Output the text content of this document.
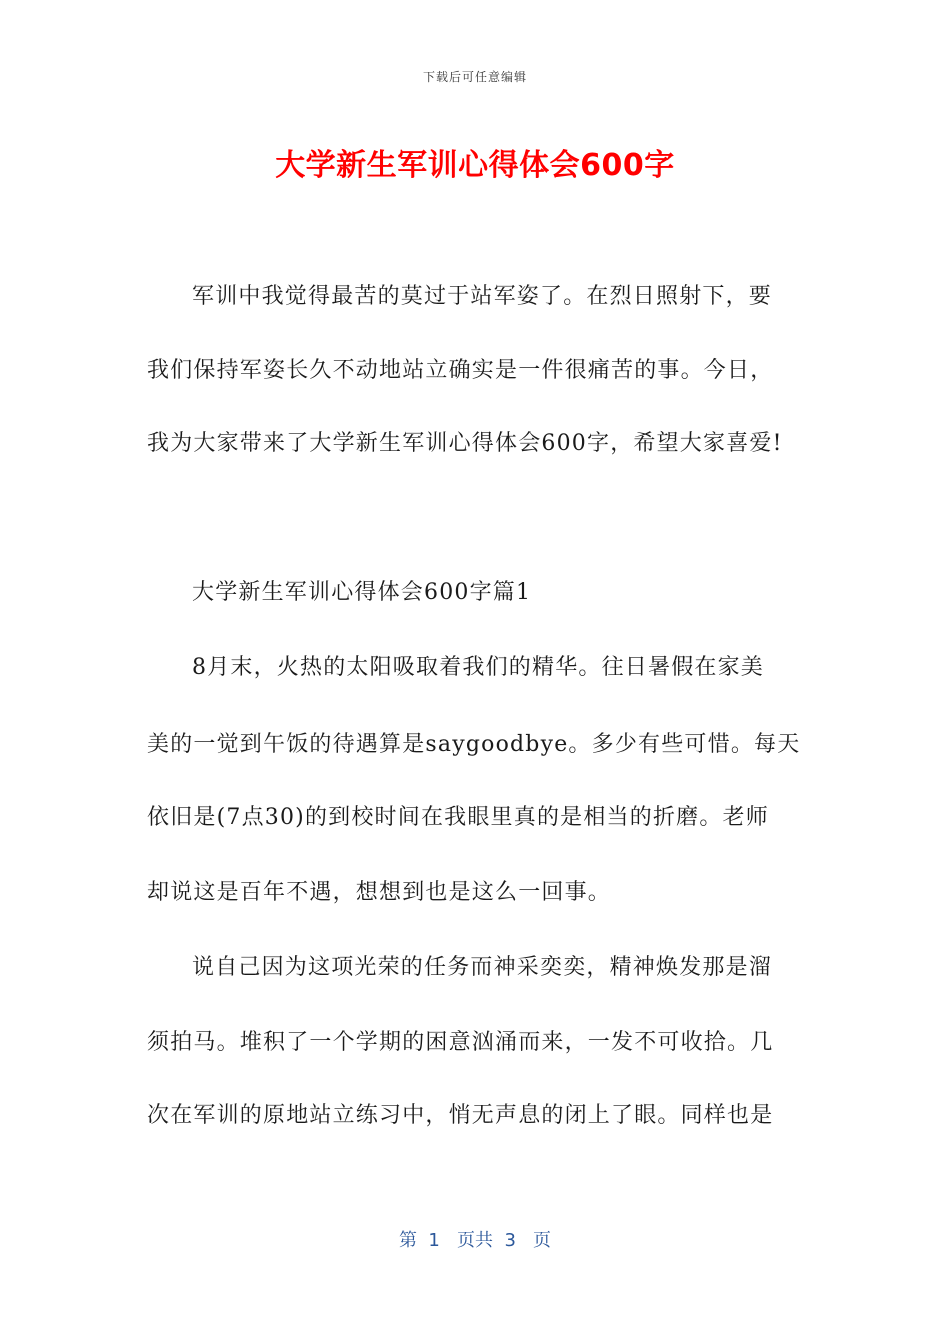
下载后可任意编辑
大学新生军训心得体会600字
军训中我觉得最苦的莫过于站军姿了。在烈日照射下，要
我们保持军姿长久不动地站立确实是一件很痛苦的事。今日，
我为大家带来了大学新生军训心得体会600字，希望大家喜爱!
大学新生军训心得体会600字篇1
8月末，火热的太阳吸取着我们的精华。往日暑假在家美
美的一觉到午饭的待遇算是saygoodbye。多少有些可惜。每天
依旧是(7点30)的到校时间在我眼里真的是相当的折磨。老师
却说这是百年不遇，想想到也是这么一回事。
说自己因为这项光荣的任务而神采奕奕，精神焕发那是溜
须拍马。堆积了一个学期的困意汹涌而来，一发不可收拾。几
次在军训的原地站立练习中，悄无声息的闭上了眼。同样也是
第  1   页共  3   页
